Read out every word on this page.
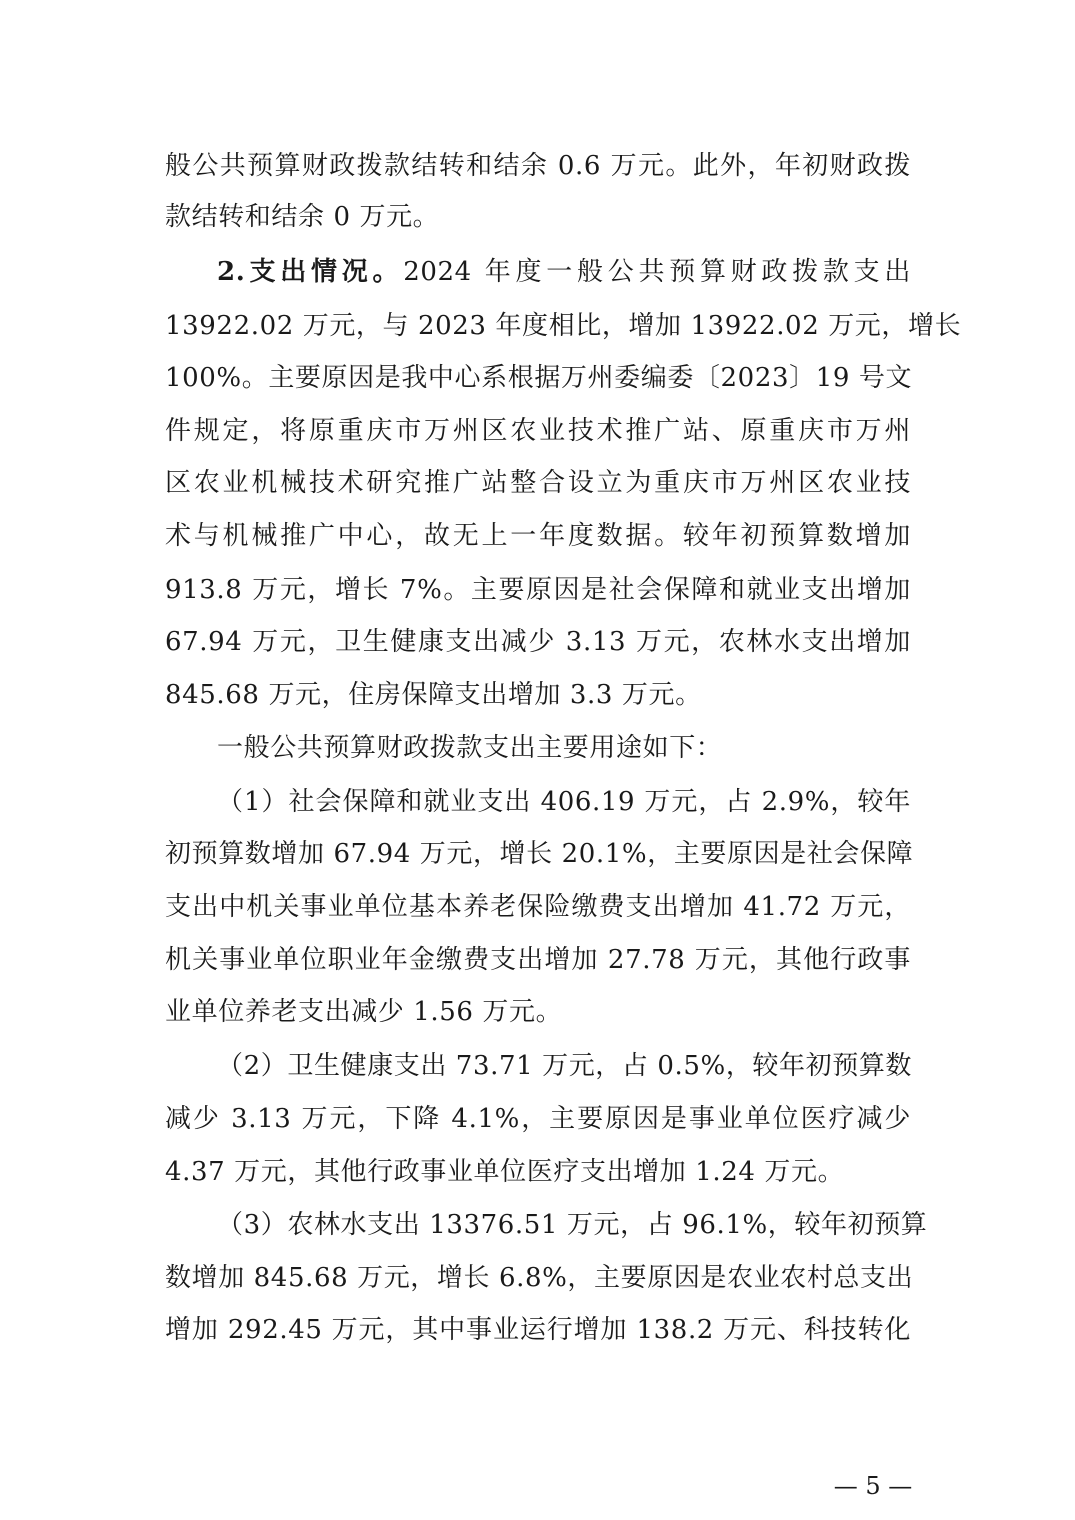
般公共预算财政拨款结转和结余 0.6 万元。此外，年初财政拨
款结转和结余 0 万元。
2.支出情况。2024 年度一般公共预算财政拨款支出
13922.02 万元，与 2023 年度相比，增加 13922.02 万元，增长
100%。主要原因是我中心系根据万州委编委〔2023〕19 号文
件规定，将原重庆市万州区农业技术推广站、原重庆市万州
区农业机械技术研究推广站整合设立为重庆市万州区农业技
术与机械推广中心，故无上一年度数据。较年初预算数增加
913.8 万元，增长 7%。主要原因是社会保障和就业支出增加
67.94 万元，卫生健康支出减少 3.13 万元，农林水支出增加
845.68 万元，住房保障支出增加 3.3 万元。
一般公共预算财政拨款支出主要用途如下：
（1）社会保障和就业支出 406.19 万元，占 2.9%，较年
初预算数增加 67.94 万元，增长 20.1%，主要原因是社会保障
支出中机关事业单位基本养老保险缴费支出增加 41.72 万元，
机关事业单位职业年金缴费支出增加 27.78 万元，其他行政事
业单位养老支出减少 1.56 万元。
（2）卫生健康支出 73.71 万元，占 0.5%，较年初预算数
减少 3.13 万元，下降 4.1%，主要原因是事业单位医疗减少
4.37 万元，其他行政事业单位医疗支出增加 1.24 万元。
（3）农林水支出 13376.51 万元，占 96.1%，较年初预算
数增加 845.68 万元，增长 6.8%，主要原因是农业农村总支出
增加 292.45 万元，其中事业运行增加 138.2 万元、科技转化
— 5 —
